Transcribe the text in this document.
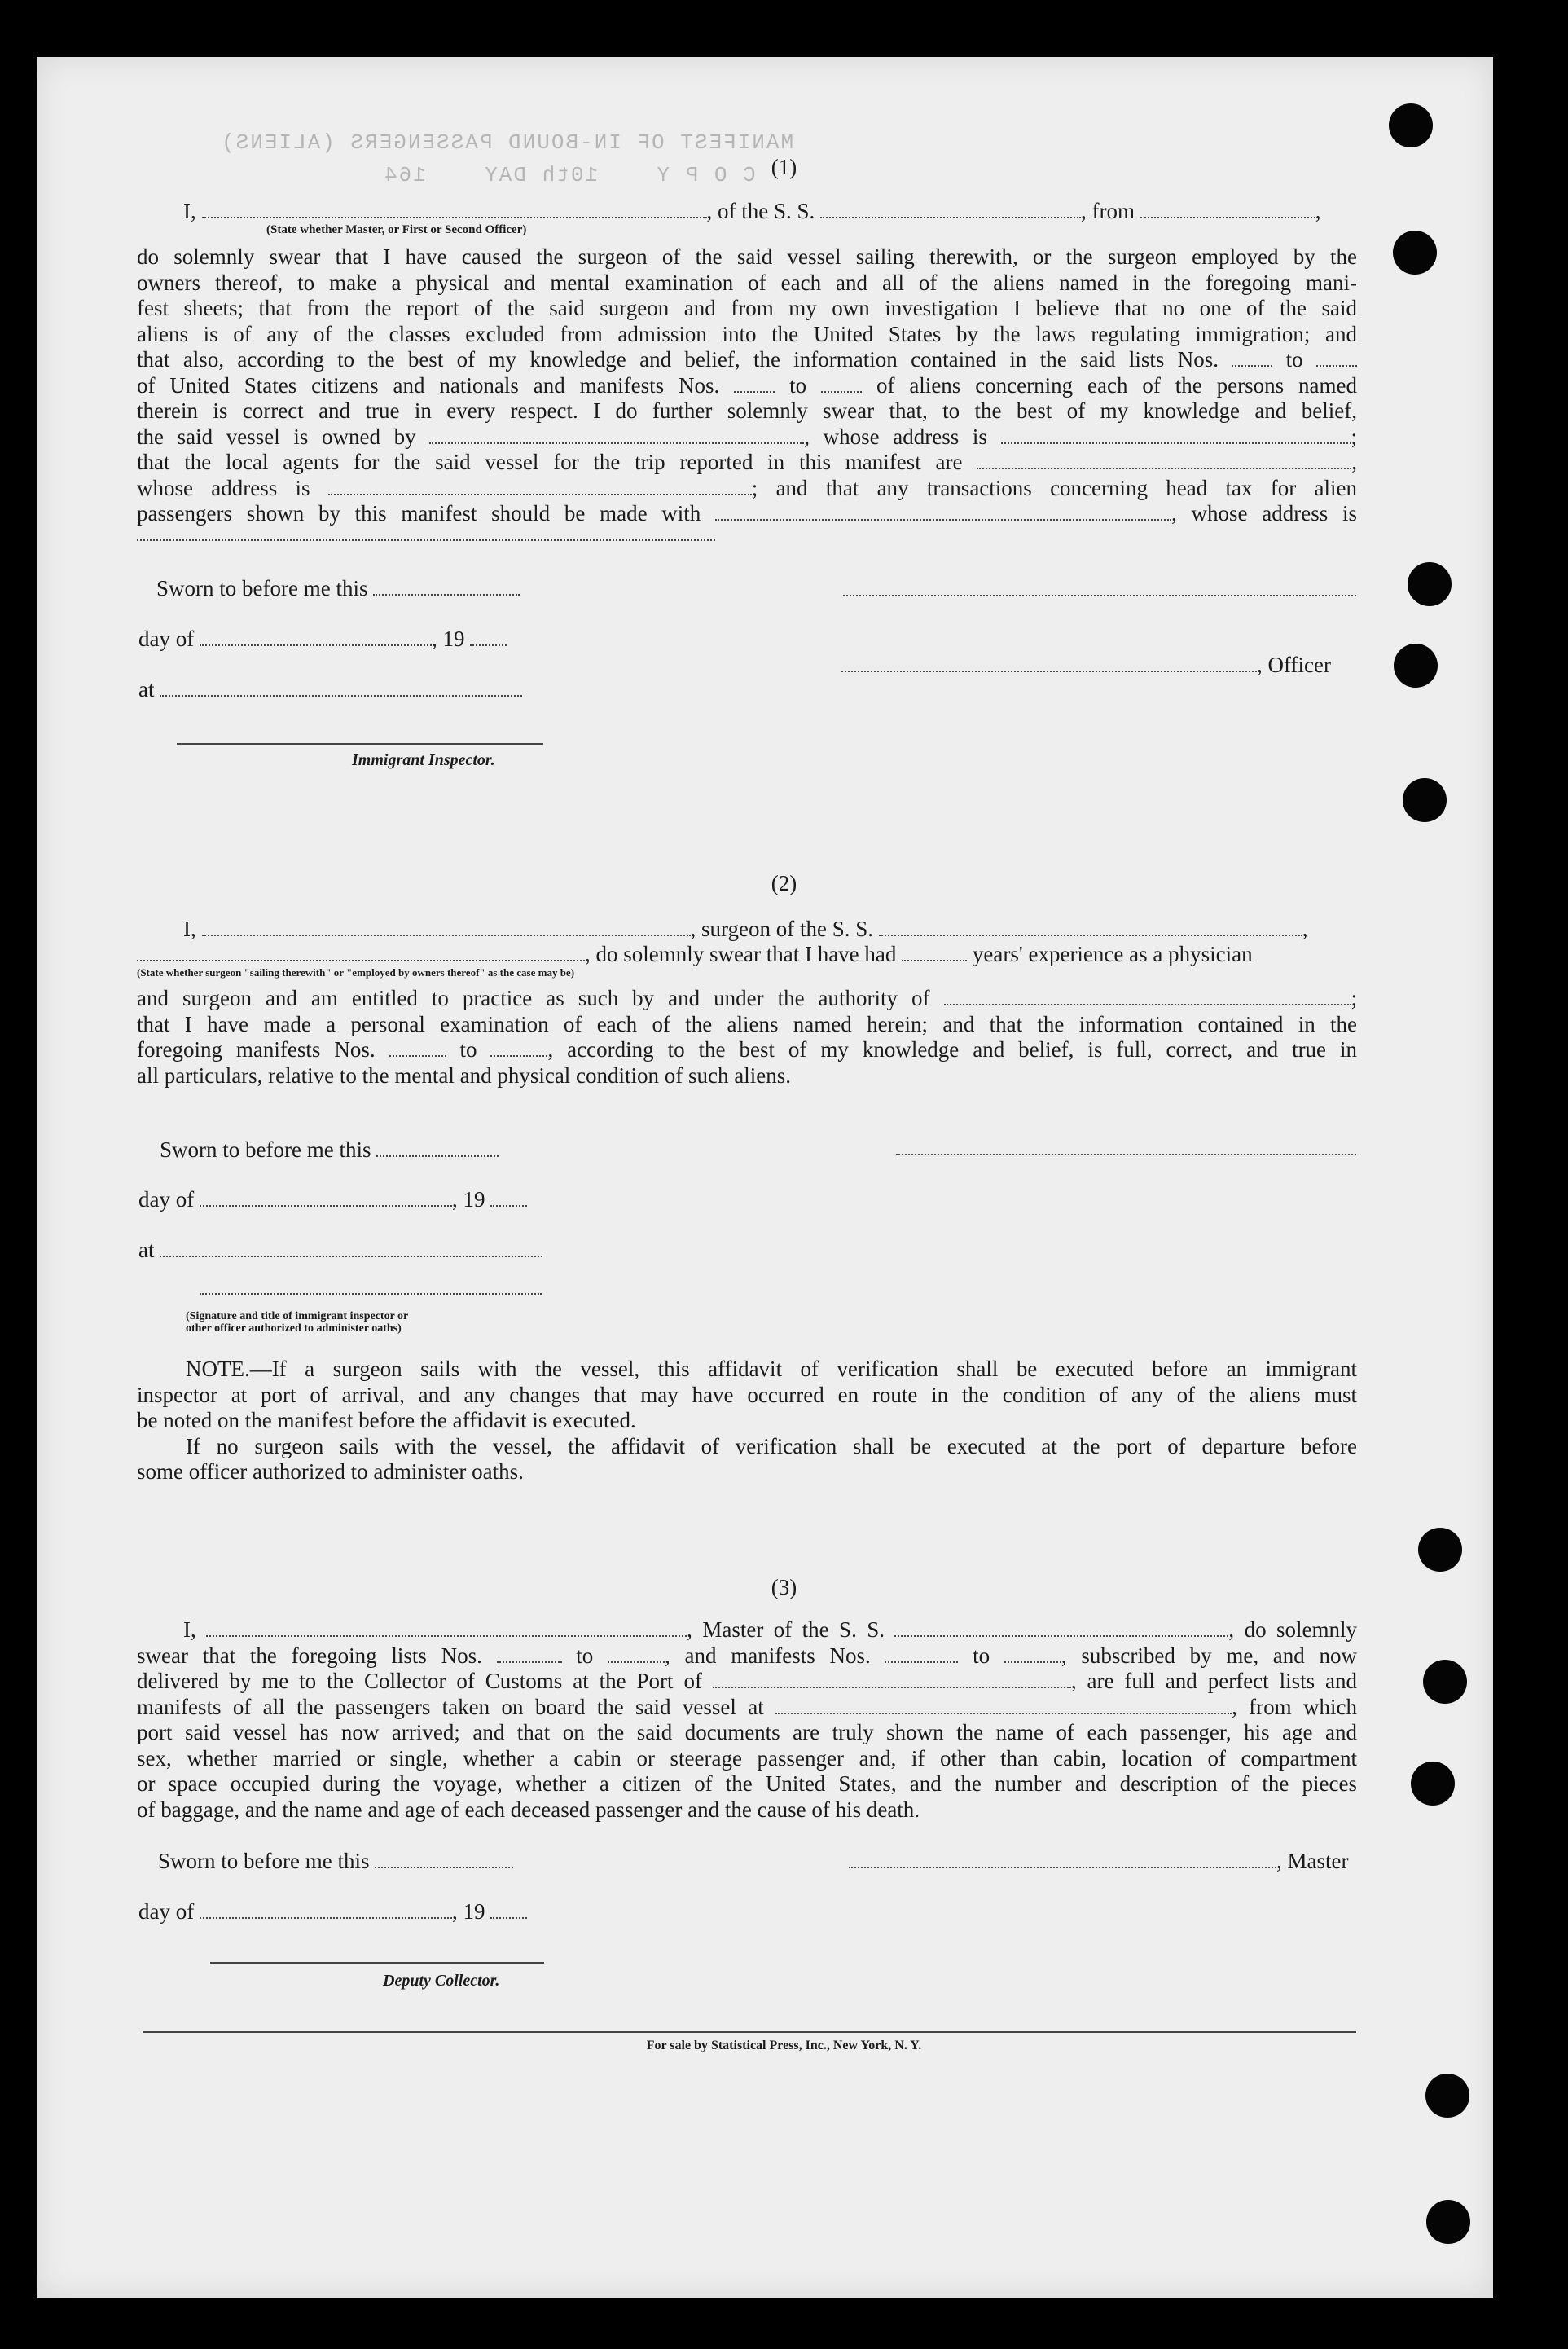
MANIFEST OF IN-BOUND PASSENGERS (ALIENS)
C O P Y    10th DAY    164 (1)
I,	, of the S. S.	, from	,
(State whether Master, or First or Second Officer)

do solemnly swear that I have caused the surgeon of the said vessel sailing therewith, or the surgeon employed by the

owners thereof, to make a physical and mental examination of each and all of the aliens named in the foregoing mani-

fest sheets; that from the report of the said surgeon and from my own investigation I believe that no one of the said

aliens is of any of the classes excluded from admission into the United States by the laws regulating immigration; and

that also, according to the best of my knowledge and belief, the information contained in the said lists Nos.	to

of United States citizens and nationals and manifests Nos.	to	of aliens concerning each of the persons named

therein is correct and true in every respect. I do further solemnly swear that, to the best of my knowledge and belief,

the said vessel is owned by	, whose address is	;

that the local agents for the said vessel for the trip reported in this manifest are	,

whose address is	; and that any transactions concerning head tax for alien

passengers shown by this manifest should be made with	, whose address is

Sworn to before me this
day of	, 19
, Officer
at
Immigrant Inspector.
(2)
I,	, surgeon of the S. S.	,
, do solemnly swear that I have had	years' experience as a physician
(State whether surgeon "sailing therewith" or "employed by owners thereof" as the case may be)

and surgeon and am entitled to practice as such by and under the authority of	;

that I have made a personal examination of each of the aliens named herein; and that the information contained in the

foregoing manifests Nos.	to	, according to the best of my knowledge and belief, is full, correct, and true in

all particulars, relative to the mental and physical condition of such aliens.

Sworn to before me this
day of	, 19
at
(Signature and title of immigrant inspector or
other officer authorized to administer oaths)

NOTE.—If a surgeon sails with the vessel, this affidavit of verification shall be executed before an immigrant

inspector at port of arrival, and any changes that may have occurred en route in the condition of any of the aliens must

be noted on the manifest before the affidavit is executed.

If no surgeon sails with the vessel, the affidavit of verification shall be executed at the port of departure before

some officer authorized to administer oaths.

(3)

I,	, Master of the S. S.	, do solemnly

swear that the foregoing lists Nos.	to	, and manifests Nos.	to	, subscribed by me, and now

delivered by me to the Collector of Customs at the Port of	, are full and perfect lists and

manifests of all the passengers taken on board the said vessel at	, from which

port said vessel has now arrived; and that on the said documents are truly shown the name of each passenger, his age and

sex, whether married or single, whether a cabin or steerage passenger and, if other than cabin, location of compartment

or space occupied during the voyage, whether a citizen of the United States, and the number and description of the pieces

of baggage, and the name and age of each deceased passenger and the cause of his death.

Sworn to before me this	, Master
day of	, 19
Deputy Collector.
For sale by Statistical Press, Inc., New York, N. Y.
